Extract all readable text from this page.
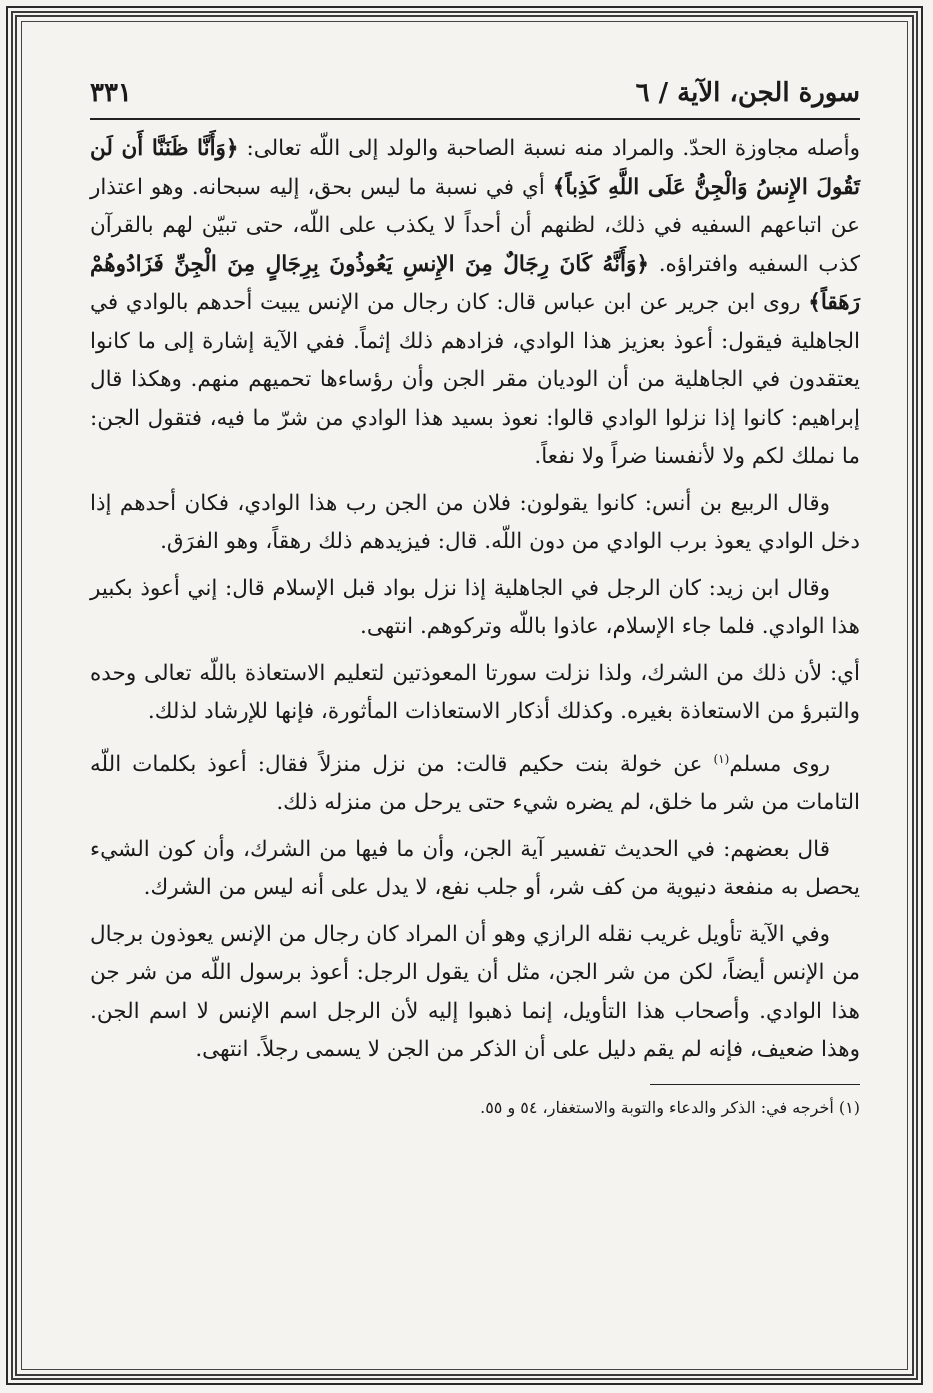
سورة الجن، الآية / ٦
٣٣١

وأصله مجاوزة الحدّ. والمراد منه نسبة الصاحبة والولد إلى اللّه تعالى: ﴿وَأَنَّا ظَنَنَّا أَن لَن تَقُولَ الإِنسُ وَالْجِنُّ عَلَى اللَّهِ كَذِباً﴾ أي في نسبة ما ليس بحق، إليه سبحانه. وهو اعتذار عن اتباعهم السفيه في ذلك، لظنهم أن أحداً لا يكذب على اللّه، حتى تبيّن لهم بالقرآن كذب السفيه وافتراؤه. ﴿وَأَنَّهُ كَانَ رِجَالٌ مِنَ الإِنسِ يَعُوذُونَ بِرِجَالٍ مِنَ الْجِنِّ فَزَادُوهُمْ رَهَقاً﴾ روى ابن جرير عن ابن عباس قال: كان رجال من الإنس يبيت أحدهم بالوادي في الجاهلية فيقول: أعوذ بعزيز هذا الوادي، فزادهم ذلك إثماً. ففي الآية إشارة إلى ما كانوا يعتقدون في الجاهلية من أن الوديان مقر الجن وأن رؤساءها تحميهم منهم. وهكذا قال إبراهيم: كانوا إذا نزلوا الوادي قالوا: نعوذ بسيد هذا الوادي من شرّ ما فيه، فتقول الجن: ما نملك لكم ولا لأنفسنا ضراً ولا نفعاً.

وقال الربيع بن أنس: كانوا يقولون: فلان من الجن رب هذا الوادي، فكان أحدهم إذا دخل الوادي يعوذ برب الوادي من دون اللّه. قال: فيزيدهم ذلك رهقاً، وهو الفرَق.

وقال ابن زيد: كان الرجل في الجاهلية إذا نزل بواد قبل الإسلام قال: إني أعوذ بكبير هذا الوادي. فلما جاء الإسلام، عاذوا باللّه وتركوهم. انتهى.

أي: لأن ذلك من الشرك، ولذا نزلت سورتا المعوذتين لتعليم الاستعاذة باللّه تعالى وحده والتبرؤ من الاستعاذة بغيره. وكذلك أذكار الاستعاذات المأثورة، فإنها للإرشاد لذلك.

روى مسلم$^{(١)}$ عن خولة بنت حكيم قالت: من نزل منزلاً فقال: أعوذ بكلمات اللّه التامات من شر ما خلق، لم يضره شيء حتى يرحل من منزله ذلك.

قال بعضهم: في الحديث تفسير آية الجن، وأن ما فيها من الشرك، وأن كون الشيء يحصل به منفعة دنيوية من كف شر، أو جلب نفع، لا يدل على أنه ليس من الشرك.

وفي الآية تأويل غريب نقله الرازي وهو أن المراد كان رجال من الإنس يعوذون برجال من الإنس أيضاً، لكن من شر الجن، مثل أن يقول الرجل: أعوذ برسول اللّه من شر جن هذا الوادي. وأصحاب هذا التأويل، إنما ذهبوا إليه لأن الرجل اسم الإنس لا اسم الجن. وهذا ضعيف، فإنه لم يقم دليل على أن الذكر من الجن لا يسمى رجلاً. انتهى.

(١) أخرجه في: الذكر والدعاء والتوبة والاستغفار، ٥٤ و ٥٥.
